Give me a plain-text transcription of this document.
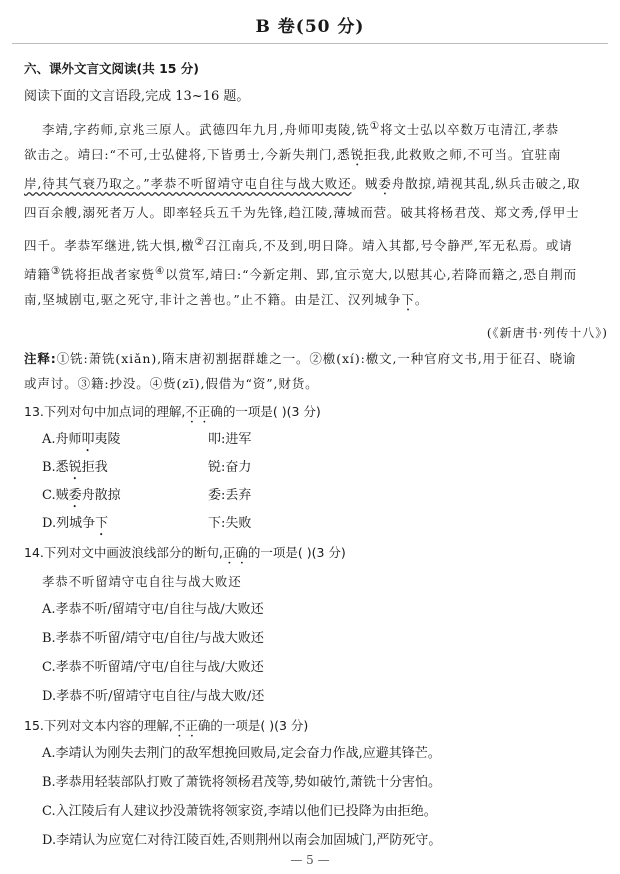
B 卷(50 分)
六、课外文言文阅读(共 15 分)
阅读下面的文言语段,完成 13~16 题。
李靖,字药师,京兆三原人。武德四年九月,舟师叩夷陵,铣①将文士弘以卒数万屯清江,孝恭
欲击之。靖曰:“不可,士弘健将,下皆勇士,今新失荆门,悉锐拒我,此救败之师,不可当。宜驻南
岸,待其气衰乃取之。”孝恭不听留靖守屯自往与战大败还。贼委舟散掠,靖视其乱,纵兵击破之,取
四百余艘,溺死者万人。即率轻兵五千为先锋,趋江陵,薄城而营。破其将杨君茂、郑文秀,俘甲士
四千。孝恭军继进,铣大惧,檄②召江南兵,不及到,明日降。靖入其都,号令静严,军无私焉。或请
靖籍③铣将拒战者家赀④以赏军,靖曰:“今新定荆、郢,宜示宽大,以慰其心,若降而籍之,恐自荆而
南,坚城剧屯,驱之死守,非计之善也。”止不籍。由是江、汉列城争下。
(《新唐书·列传十八》)
注释:①铣:萧铣(xiǎn),隋末唐初割据群雄之一。②檄(xí):檄文,一种官府文书,用于征召、晓谕
或声讨。③籍:抄没。④赀(zī),假借为“资”,财货。
13.下列对句中加点词的理解,不正确的一项是( )(3 分)
A.舟师叩夷陵	叩:进军
B.悉锐拒我	锐:奋力
C.贼委舟散掠	委:丢弃
D.列城争下	下:失败
14.下列对文中画波浪线部分的断句,正确的一项是( )(3 分)
孝恭不听留靖守屯自往与战大败还
A.孝恭不听/留靖守屯/自往与战/大败还
B.孝恭不听留/靖守屯/自往/与战大败还
C.孝恭不听留靖/守屯/自往与战/大败还
D.孝恭不听/留靖守屯自往/与战大败/还
15.下列对文本内容的理解,不正确的一项是( )(3 分)
A.李靖认为刚失去荆门的敌军想挽回败局,定会奋力作战,应避其锋芒。
B.孝恭用轻装部队打败了萧铣将领杨君茂等,势如破竹,萧铣十分害怕。
C.入江陵后有人建议抄没萧铣将领家资,李靖以他们已投降为由拒绝。
D.李靖认为应宽仁对待江陵百姓,否则荆州以南会加固城门,严防死守。
— 5 —
